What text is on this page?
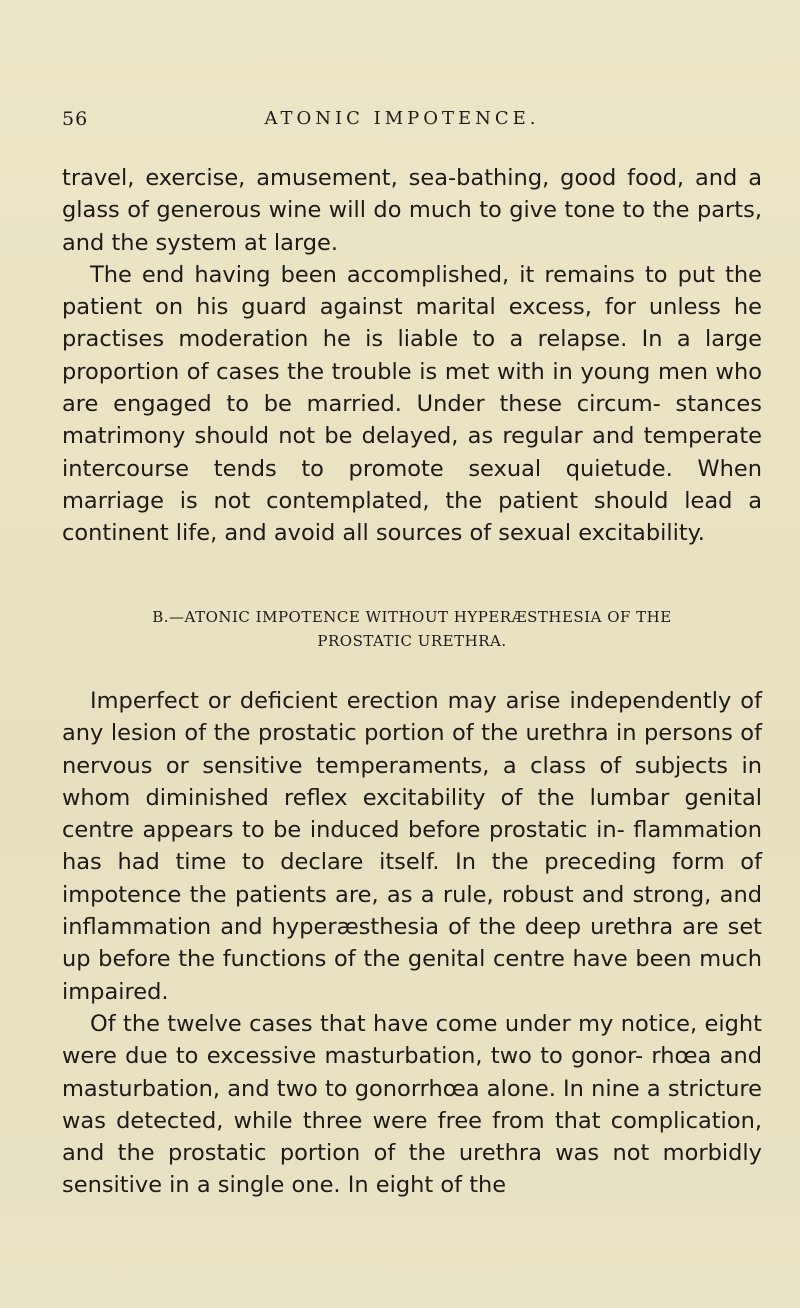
56	ATONIC IMPOTENCE.

travel, exercise, amusement, sea-bathing, good food, and a glass of generous wine will do much to give tone to the parts, and the system at large.

The end having been accomplished, it remains to put the patient on his guard against marital excess, for unless he practises moderation he is liable to a relapse. In a large proportion of cases the trouble is met with in young men who are engaged to be married. Under these circum- stances matrimony should not be delayed, as regular and temperate intercourse tends to promote sexual quietude. When marriage is not contemplated, the patient should lead a continent life, and avoid all sources of sexual excitability.

B.—ATONIC IMPOTENCE WITHOUT HYPERÆSTHESIA OF THE
PROSTATIC URETHRA.

Imperfect or deficient erection may arise independently of any lesion of the prostatic portion of the urethra in persons of nervous or sensitive temperaments, a class of subjects in whom diminished reflex excitability of the lumbar genital centre appears to be induced before prostatic in- flammation has had time to declare itself. In the preceding form of impotence the patients are, as a rule, robust and strong, and inflammation and hyperæsthesia of the deep urethra are set up before the functions of the genital centre have been much impaired.

Of the twelve cases that have come under my notice, eight were due to excessive masturbation, two to gonor- rhœa and masturbation, and two to gonorrhœa alone. In nine a stricture was detected, while three were free from that complication, and the prostatic portion of the urethra was not morbidly sensitive in a single one. In eight of the
